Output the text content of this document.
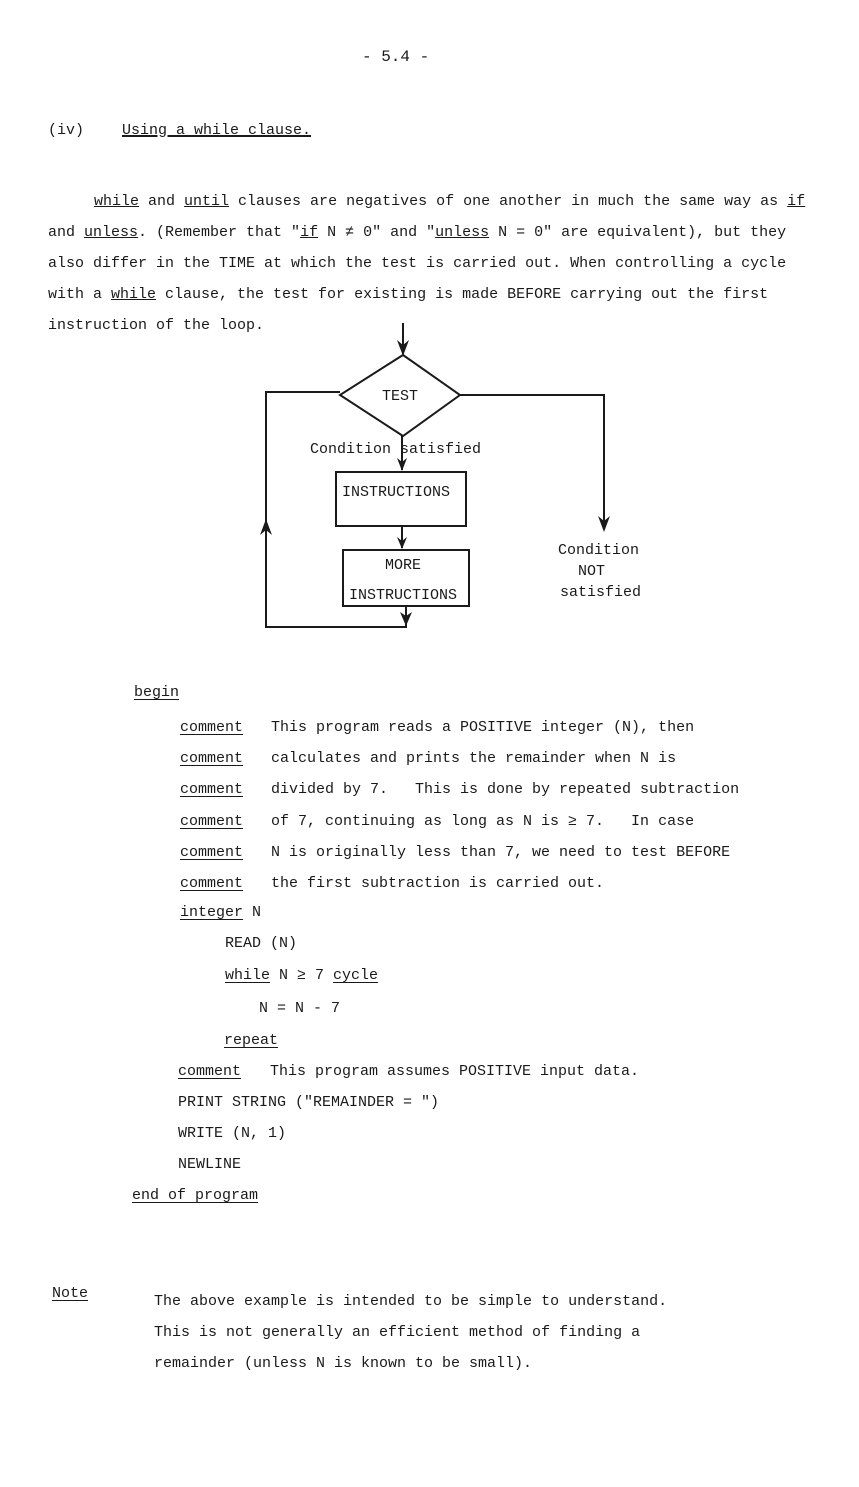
- 5.4 -
(iv)	Using a while clause.
while and until clauses are negatives of one another in much the same way as if
and unless. (Remember that "if N ≠ 0" and "unless N = 0" are equivalent), but they
also differ in the TIME at which the test is carried out. When controlling a cycle
with a while clause, the test for existing is made BEFORE carrying out the first
instruction of the loop.
TEST
Condition satisfied
INSTRUCTIONS
MORE
INSTRUCTIONS
Condition
NOT
satisfied
begin
comment This program reads a POSITIVE integer (N), then
comment calculates and prints the remainder when N is
comment divided by 7.   This is done by repeated subtraction
comment of 7, continuing as long as N is ≥ 7.   In case
comment N is originally less than 7, we need to test BEFORE
comment the first subtraction is carried out.
integer N
READ (N)
while N ≥ 7 cycle
N = N - 7
repeat
comment This program assumes POSITIVE input data.
PRINT STRING ("REMAINDER = ")
WRITE (N, 1)
NEWLINE
end of program
Note	The above example is intended to be simple to understand.
This is not generally an efficient method of finding a
remainder (unless N is known to be small).
